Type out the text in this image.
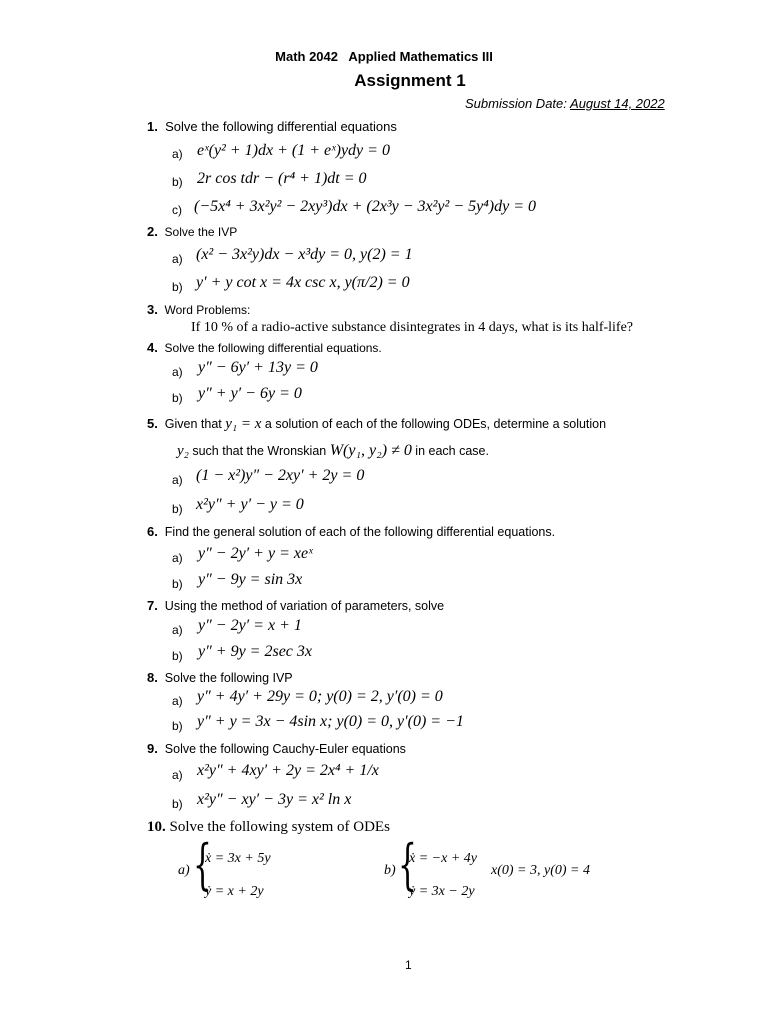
Math 2042 Applied Mathematics III
Assignment 1
Submission Date: August 14, 2022
1. Solve the following differential equations
a) eˣ(y² + 1)dx + (1 + eˣ)ydy = 0
b) 2r cos tdr − (r⁴ + 1)dt = 0
c) (−5x⁴ + 3x²y² − 2xy³)dx + (2x³y − 3x²y² − 5y⁴)dy = 0
2. Solve the IVP
a) (x² − 3x²y)dx − x³dy = 0, y(2) = 1
b) y′ + y cot x = 4x csc x, y(π/2) = 0
3. Word Problems:
If 10 % of a radio-active substance disintegrates in 4 days, what is its half-life?
4. Solve the following differential equations.
a) y″ − 6y′ + 13y = 0
b) y″ + y′ − 6y = 0
5. Given that y₁ = x a solution of each of the following ODEs, determine a solution
y₂ such that the Wronskian W(y₁, y₂) ≠ 0 in each case.
a) (1 − x²)y″ − 2xy′ + 2y = 0
b) x²y″ + y′ − y = 0
6. Find the general solution of each of the following differential equations.
a) y″ − 2y′ + y = xeˣ
b) y″ − 9y = sin 3x
7. Using the method of variation of parameters, solve
a) y″ − 2y′ = x + 1
b) y″ + 9y = 2sec 3x
8. Solve the following IVP
a) y″ + 4y′ + 29y = 0; y(0) = 2, y′(0) = 0
b) y″ + y = 3x − 4sin x; y(0) = 0, y′(0) = −1
9. Solve the following Cauchy-Euler equations
a) x²y″ + 4xy′ + 2y = 2x⁴ + 1/x
b) x²y″ − xy′ − 3y = x² ln x
10. Solve the following system of ODEs
a) {
ẋ = 3x + 5y
ẏ = x + 2y
b) {
ẋ = −x + 4y
ẏ = 3x − 2y
x(0) = 3, y(0) = 4
1
